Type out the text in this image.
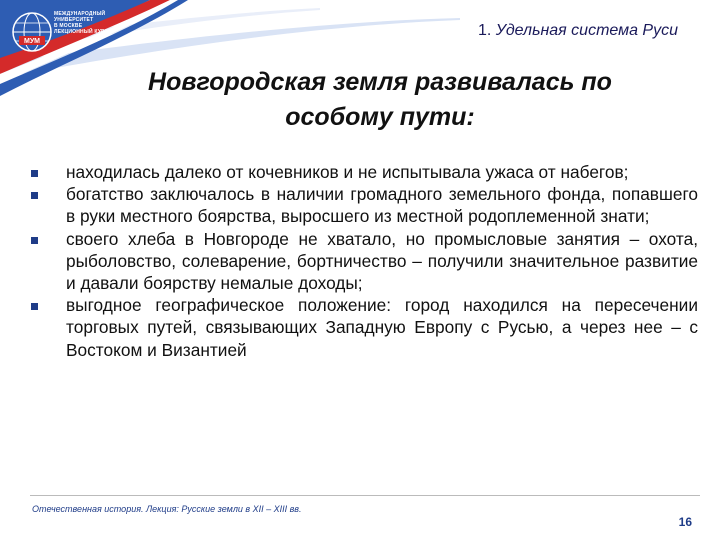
МУМ
МЕЖДУНАРОДНЫЙ
УНИВЕРСИТЕТ
В МОСКВЕ
ЛЕКЦИОННЫЙ КУРС	1. Удельная система Руси
Новгородская земля развивалась по
особому пути:
находилась далеко от кочевников и не испытывала ужаса от набегов;
богатство заключалось в наличии громадного земельного фонда, попавшего в руки местного боярства, выросшего из местной родоплеменной знати;
своего хлеба в Новгороде не хватало, но промысловые занятия – охота, рыболовство, солеварение, бортничество – получили значительное развитие и давали боярству немалые доходы;
выгодное географическое положение: город находился на пересечении торговых путей, связывающих Западную Европу с Русью, а через нее – с Востоком и Византией
Отечественная история. Лекция: Русские земли в XII – XIII вв.
16
